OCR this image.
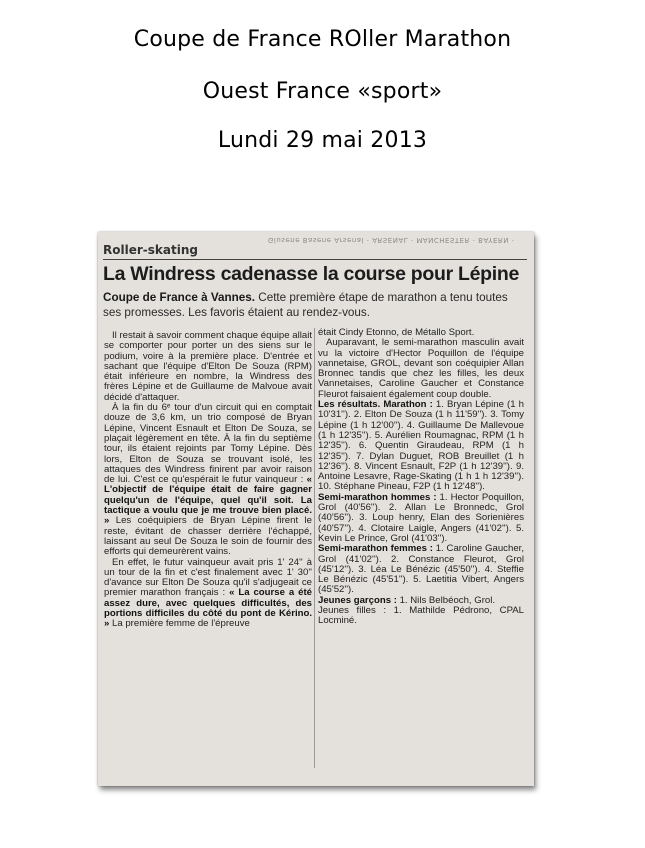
Coupe de France ROller Marathon
Ouest France «sport»
Lundi 29 mai 2013
Glusene Basene Arsenal · ARSENAL · MANCHESTER · BAYERN ·
Roller-skating
La Windress cadenasse la course pour Lépine
Coupe de France à Vannes. Cette première étape de marathon a tenu toutes ses promesses. Les favoris étaient au rendez-vous.

Il restait à savoir comment chaque équipe allait se comporter pour porter un des siens sur le podium, voire à la première place. D'entrée et sachant que l'équipe d'Elton De Souza (RPM) était inférieure en nombre, la Windress des frères Lépine et de Guillaume de Malvoue avait décidé d'attaquer.

À la fin du 6ᵉ tour d'un circuit qui en comptait douze de 3,6 km, un trio composé de Bryan Lépine, Vincent Esnault et Elton De Souza, se plaçait légèrement en tête. À la fin du septième tour, ils étaient rejoints par Tomy Lépine. Dès lors, Elton de Souza se trouvant isolé, les attaques des Windress finirent par avoir raison de lui. C'est ce qu'espérait le futur vainqueur : « L'objectif de l'équipe était de faire gagner quelqu'un de l'équipe, quel qu'il soit. La tactique a voulu que je me trouve bien placé. » Les coéquipiers de Bryan Lépine firent le reste, évitant de chasser derrière l'échappé, laissant au seul De Souza le soin de fournir des efforts qui demeurèrent vains.

En effet, le futur vainqueur avait pris 1' 24'' à un tour de la fin et c'est finalement avec 1' 30'' d'avance sur Elton De Souza qu'il s'adjugeait ce premier marathon français : « La course a été assez dure, avec quelques difficultés, des portions difficiles du côté du pont de Kérino. » La première femme de l'épreuve

était Cindy Etonno, de Métallo Sport.

Auparavant, le semi-marathon masculin avait vu la victoire d'Hector Poquillon de l'équipe vannetaise, GROL, devant son coéquipier Allan Bronnec tandis que chez les filles, les deux Vannetaises, Caroline Gaucher et Constance Fleurot faisaient également coup double.

Les résultats. Marathon : 1. Bryan Lépine (1 h 10'31''). 2. Elton De Souza (1 h 11'59''). 3. Tomy Lépine (1 h 12'00''). 4. Guillaume De Mallevoue (1 h 12'35''). 5. Aurélien Roumagnac, RPM (1 h 12'35''). 6. Quentin Giraudeau, RPM (1 h 12'35''). 7. Dylan Duguet, ROB Breuillet (1 h 12'36''). 8. Vincent Esnault, F2P (1 h 12'39''). 9. Antoine Lesavre, Rage-Skating (1 h 1 h 12'39''). 10. Stéphane Pineau, F2P (1 h 12'48'').

Semi-marathon hommes : 1. Hector Poquillon, Grol (40'56''). 2. Allan Le Bronnedc, Grol (40'56''). 3. Loup henry, Elan des Sorienières (40'57''). 4. Clotaire Laigle, Angers (41'02''). 5. Kevin Le Prince, Grol (41'03'').

Semi-marathon femmes : 1. Caroline Gaucher, Grol (41'02''). 2. Constance Fleurot, Grol (45'12''). 3. Léa Le Bénézic (45'50''). 4. Steffie Le Bénézic (45'51''). 5. Laetitia Vibert, Angers (45'52'').

Jeunes garçons : 1. Nils Belbéoch, Grol.

Jeunes filles : 1. Mathilde Pédrono, CPAL Locminé.
